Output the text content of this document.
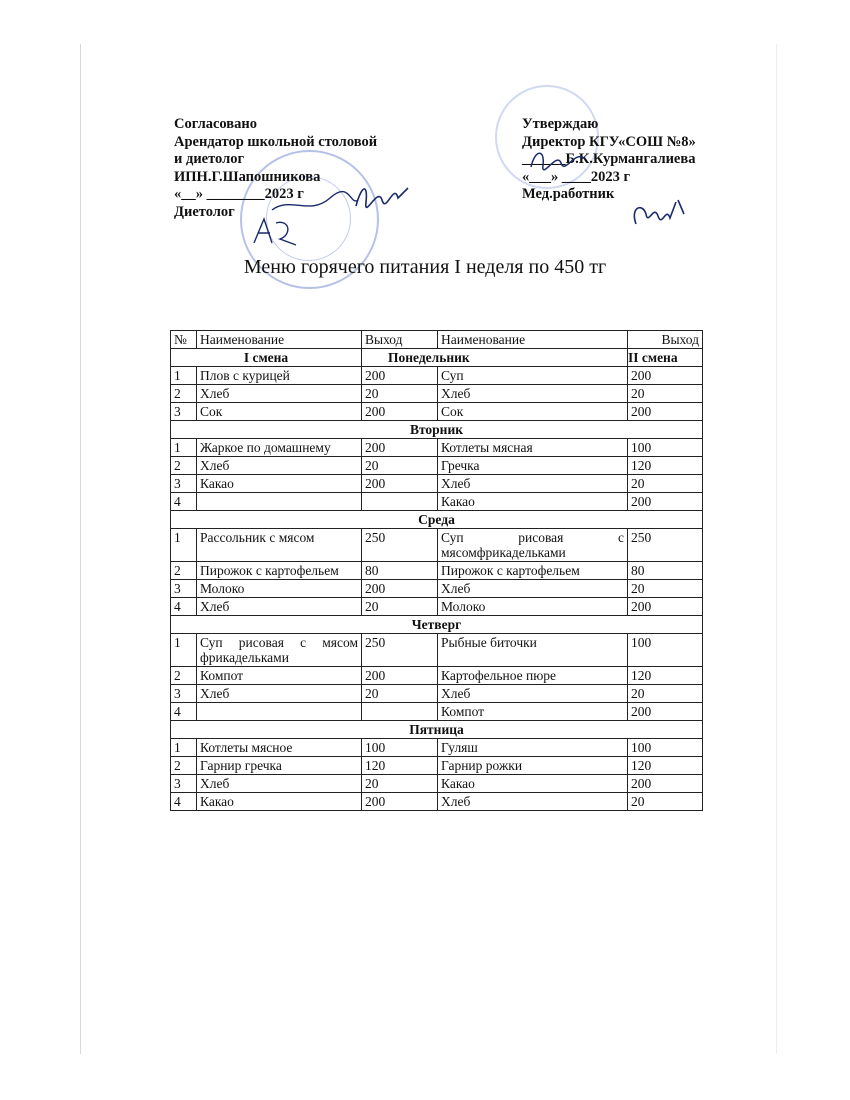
Согласовано
Арендатор школьной столовой
и диетолог
ИПН.Г.Шапошникова
«__» ________2023 г
Диетолог
Утверждаю
Директор КГУ«СОШ №8»
______Б.К.Курмангалиева
«___» ____2023 г
Мед.работник
Меню горячего питания I неделя по 450 тг
№	Наименование	Выход	Наименование	Выход
I смена		Понедельник		II смена
1	Плов с курицей	200	Суп	200
2	Хлеб	20	Хлеб	20
3	Сок	200	Сок	200
Вторник				
1	Жаркое по домашнему	200	Котлеты мясная	100
2	Хлеб	20	Гречка	120
3	Какао	200	Хлеб	20
4			Какао	200
Среда				
1	Рассольник с мясом	250	Суп рисовая с мясомфрикадельками	250
2	Пирожок с картофельем	80	Пирожок с картофельем	80
3	Молоко	200	Хлеб	20
4	Хлеб	20	Молоко	200
Четверг				
1	Суп рисовая с мясом фрикадельками	250	Рыбные биточки	100
2	Компот	200	Картофельное пюре	120
3	Хлеб	20	Хлеб	20
4			Компот	200
Пятница				
1	Котлеты мясное	100	Гуляш	100
2	Гарнир гречка	120	Гарнир рожки	120
3	Хлеб	20	Какао	200
4	Какао	200	Хлеб	20
